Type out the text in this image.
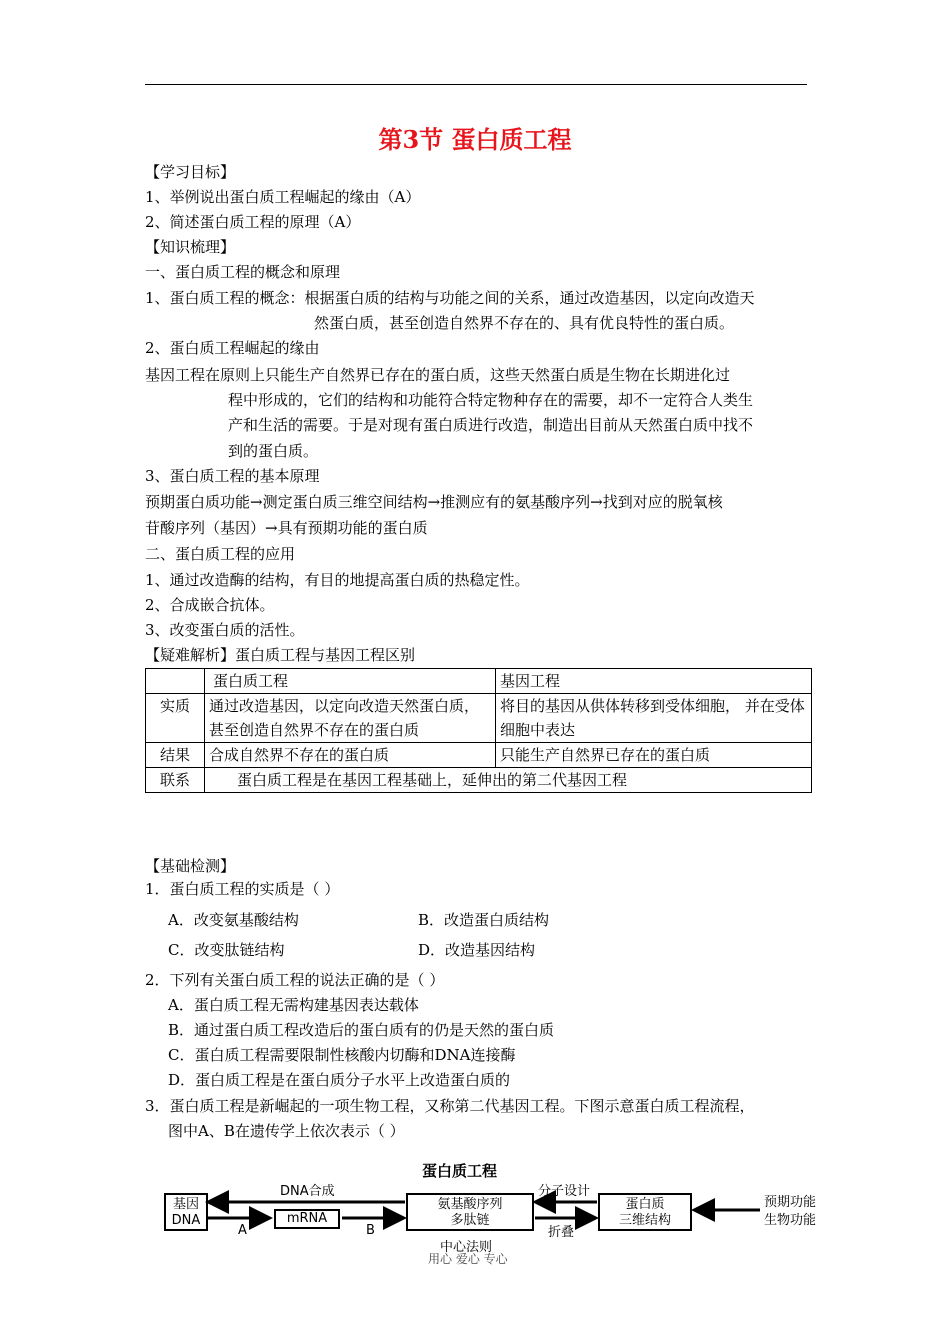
第3节 蛋白质工程
【学习目标】
1、举例说出蛋白质工程崛起的缘由（A）
2、简述蛋白质工程的原理（A）
【知识梳理】
一、蛋白质工程的概念和原理
1、蛋白质工程的概念：根据蛋白质的结构与功能之间的关系，通过改造基因，以定向改造天
然蛋白质，甚至创造自然界不存在的、具有优良特性的蛋白质。
2、蛋白质工程崛起的缘由
基因工程在原则上只能生产自然界已存在的蛋白质，这些天然蛋白质是生物在长期进化过
程中形成的，它们的结构和功能符合特定物种存在的需要，却不一定符合人类生
产和生活的需要。于是对现有蛋白质进行改造，制造出目前从天然蛋白质中找不
到的蛋白质。
3、蛋白质工程的基本原理
预期蛋白质功能→测定蛋白质三维空间结构→推测应有的氨基酸序列→找到对应的脱氧核
苷酸序列（基因）→具有预期功能的蛋白质
二、蛋白质工程的应用
1、通过改造酶的结构，有目的地提高蛋白质的热稳定性。
2、合成嵌合抗体。
3、改变蛋白质的活性。
【疑难解析】蛋白质工程与基因工程区别
	蛋白质工程	基因工程
实质	通过改造基因，以定向改造天然蛋白质，甚至创造自然界不存在的蛋白质	将目的基因从供体转移到受体细胞， 并在受体细胞中表达
结果	合成自然界不存在的蛋白质	只能生产自然界已存在的蛋白质
联系	蛋白质工程是在基因工程基础上，延伸出的第二代基因工程	
【基础检测】
1．蛋白质工程的实质是（ ）
A．改变氨基酸结构	B．改造蛋白质结构
C．改变肽链结构	D．改造基因结构
2．下列有关蛋白质工程的说法正确的是（ ）
A．蛋白质工程无需构建基因表达载体
B．通过蛋白质工程改造后的蛋白质有的仍是天然的蛋白质
C．蛋白质工程需要限制性核酸内切酶和DNA连接酶
D．蛋白质工程是在蛋白质分子水平上改造蛋白质的
3．蛋白质工程是新崛起的一项生物工程，又称第二代基因工程。下图示意蛋白质工程流程，
图中A、B在遗传学上依次表示（ ）
蛋白质工程
基因
DNA	mRNA
氨基酸序列
多肽链
蛋白质
三维结构
DNA合成
A	B
分子设计
折叠
中心法则
预期功能
生物功能
用心 爱心 专心
